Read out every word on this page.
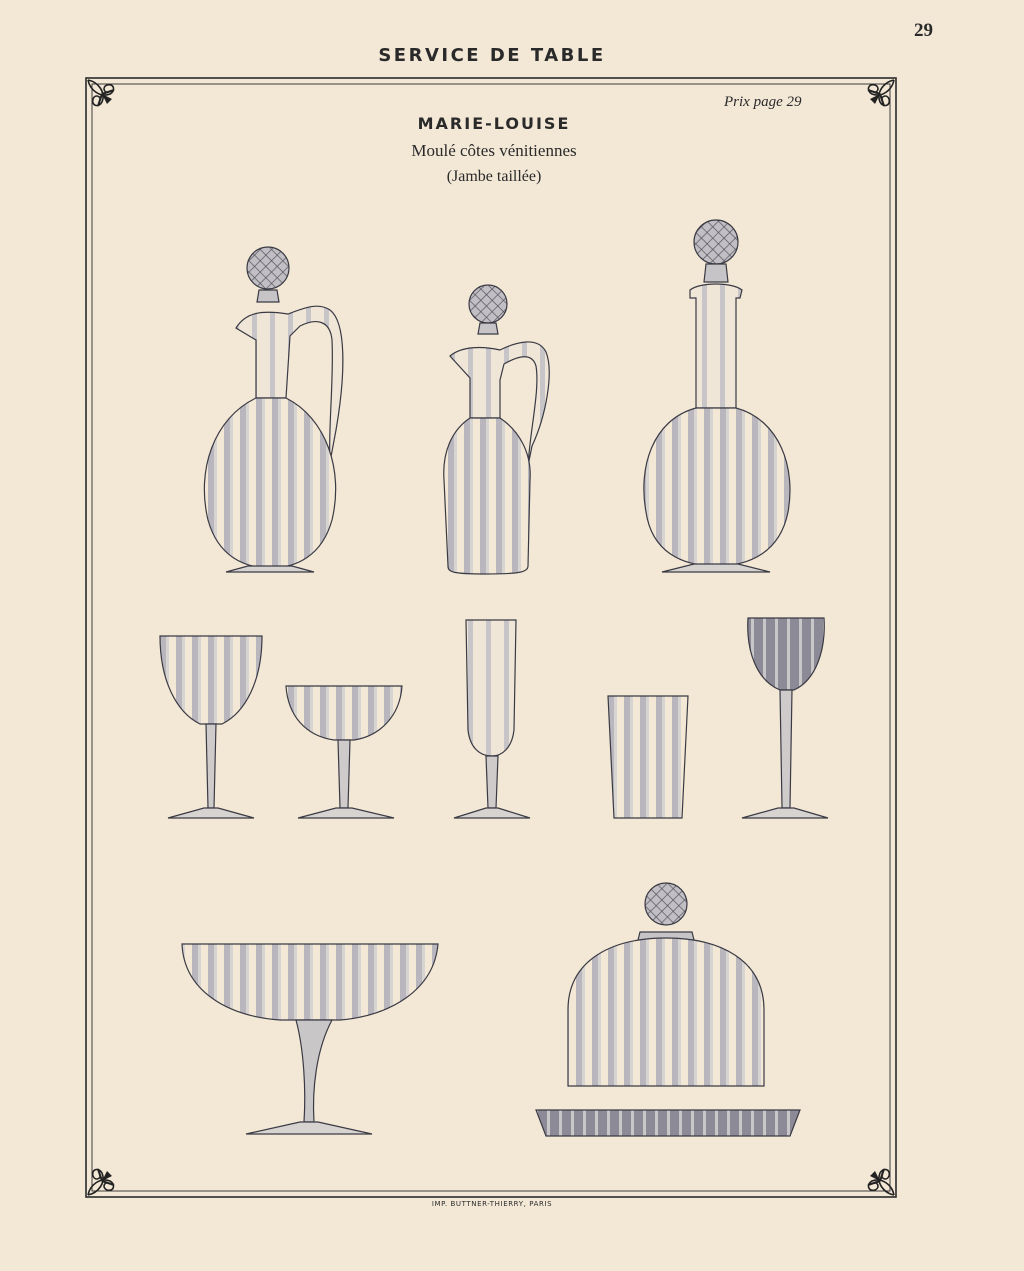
29
SERVICE DE TABLE
Prix page 29
MARIE-LOUISE
Moulé côtes vénitiennes
(Jambe taillée)
IMP. BUTTNER-THIERRY, PARIS
